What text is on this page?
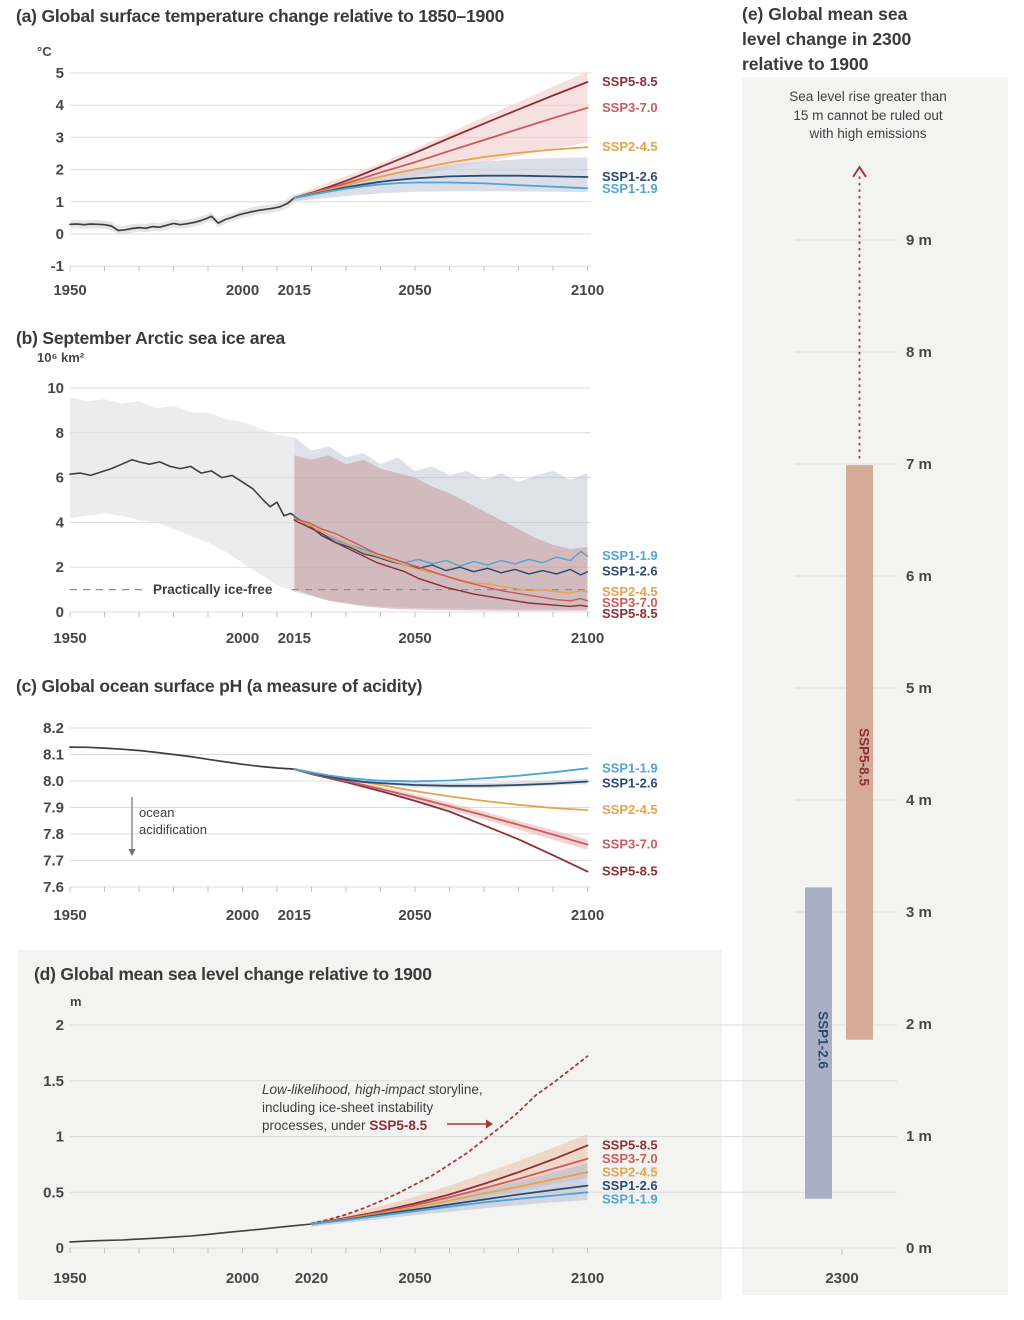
5
4
3
2
1
0
-1
1950	2000 2015	2050	2100
SSP5-8.5
SSP3-7.0
SSP2-4.5
SSP1-2.6
SSP1-1.9
10
8
6
4
2
0
1950	2000 2015	2050	2100
SSP1-1.9
SSP1-2.6
SSP2-4.5
SSP3-7.0
SSP5-8.5
8.2
8.1
8.0
7.9
7.8
7.7
7.6
1950	2000 2015	2050	2100
SSP1-1.9
SSP1-2.6
SSP2-4.5
SSP3-7.0
SSP5-8.5
2
1.5
1
0.5
0
1950	2000 2020	2050	2100
SSP5-8.5
SSP3-7.0
SSP2-4.5
SSP1-2.6
SSP1-1.9
9 m
8 m
7 m
6 m
5 m
4 m
3 m
2 m
1 m
0 m
SSP1-2.6
SSP5-8.5
2300
(a) Global surface temperature change relative to 1850–1900
(b) September Arctic sea ice area
(c) Global ocean surface pH (a measure of acidity)
(d) Global mean sea level change relative to 1900
(e) Global mean sea
level change in 2300
relative to 1900
°C
10⁶ km²
m
Practically ice-free
ocean
acidification
Low-likelihood, high-impact storyline,
including ice-sheet instability
processes, under SSP5-8.5
Sea level rise greater than
15 m cannot be ruled out
with high emissions
